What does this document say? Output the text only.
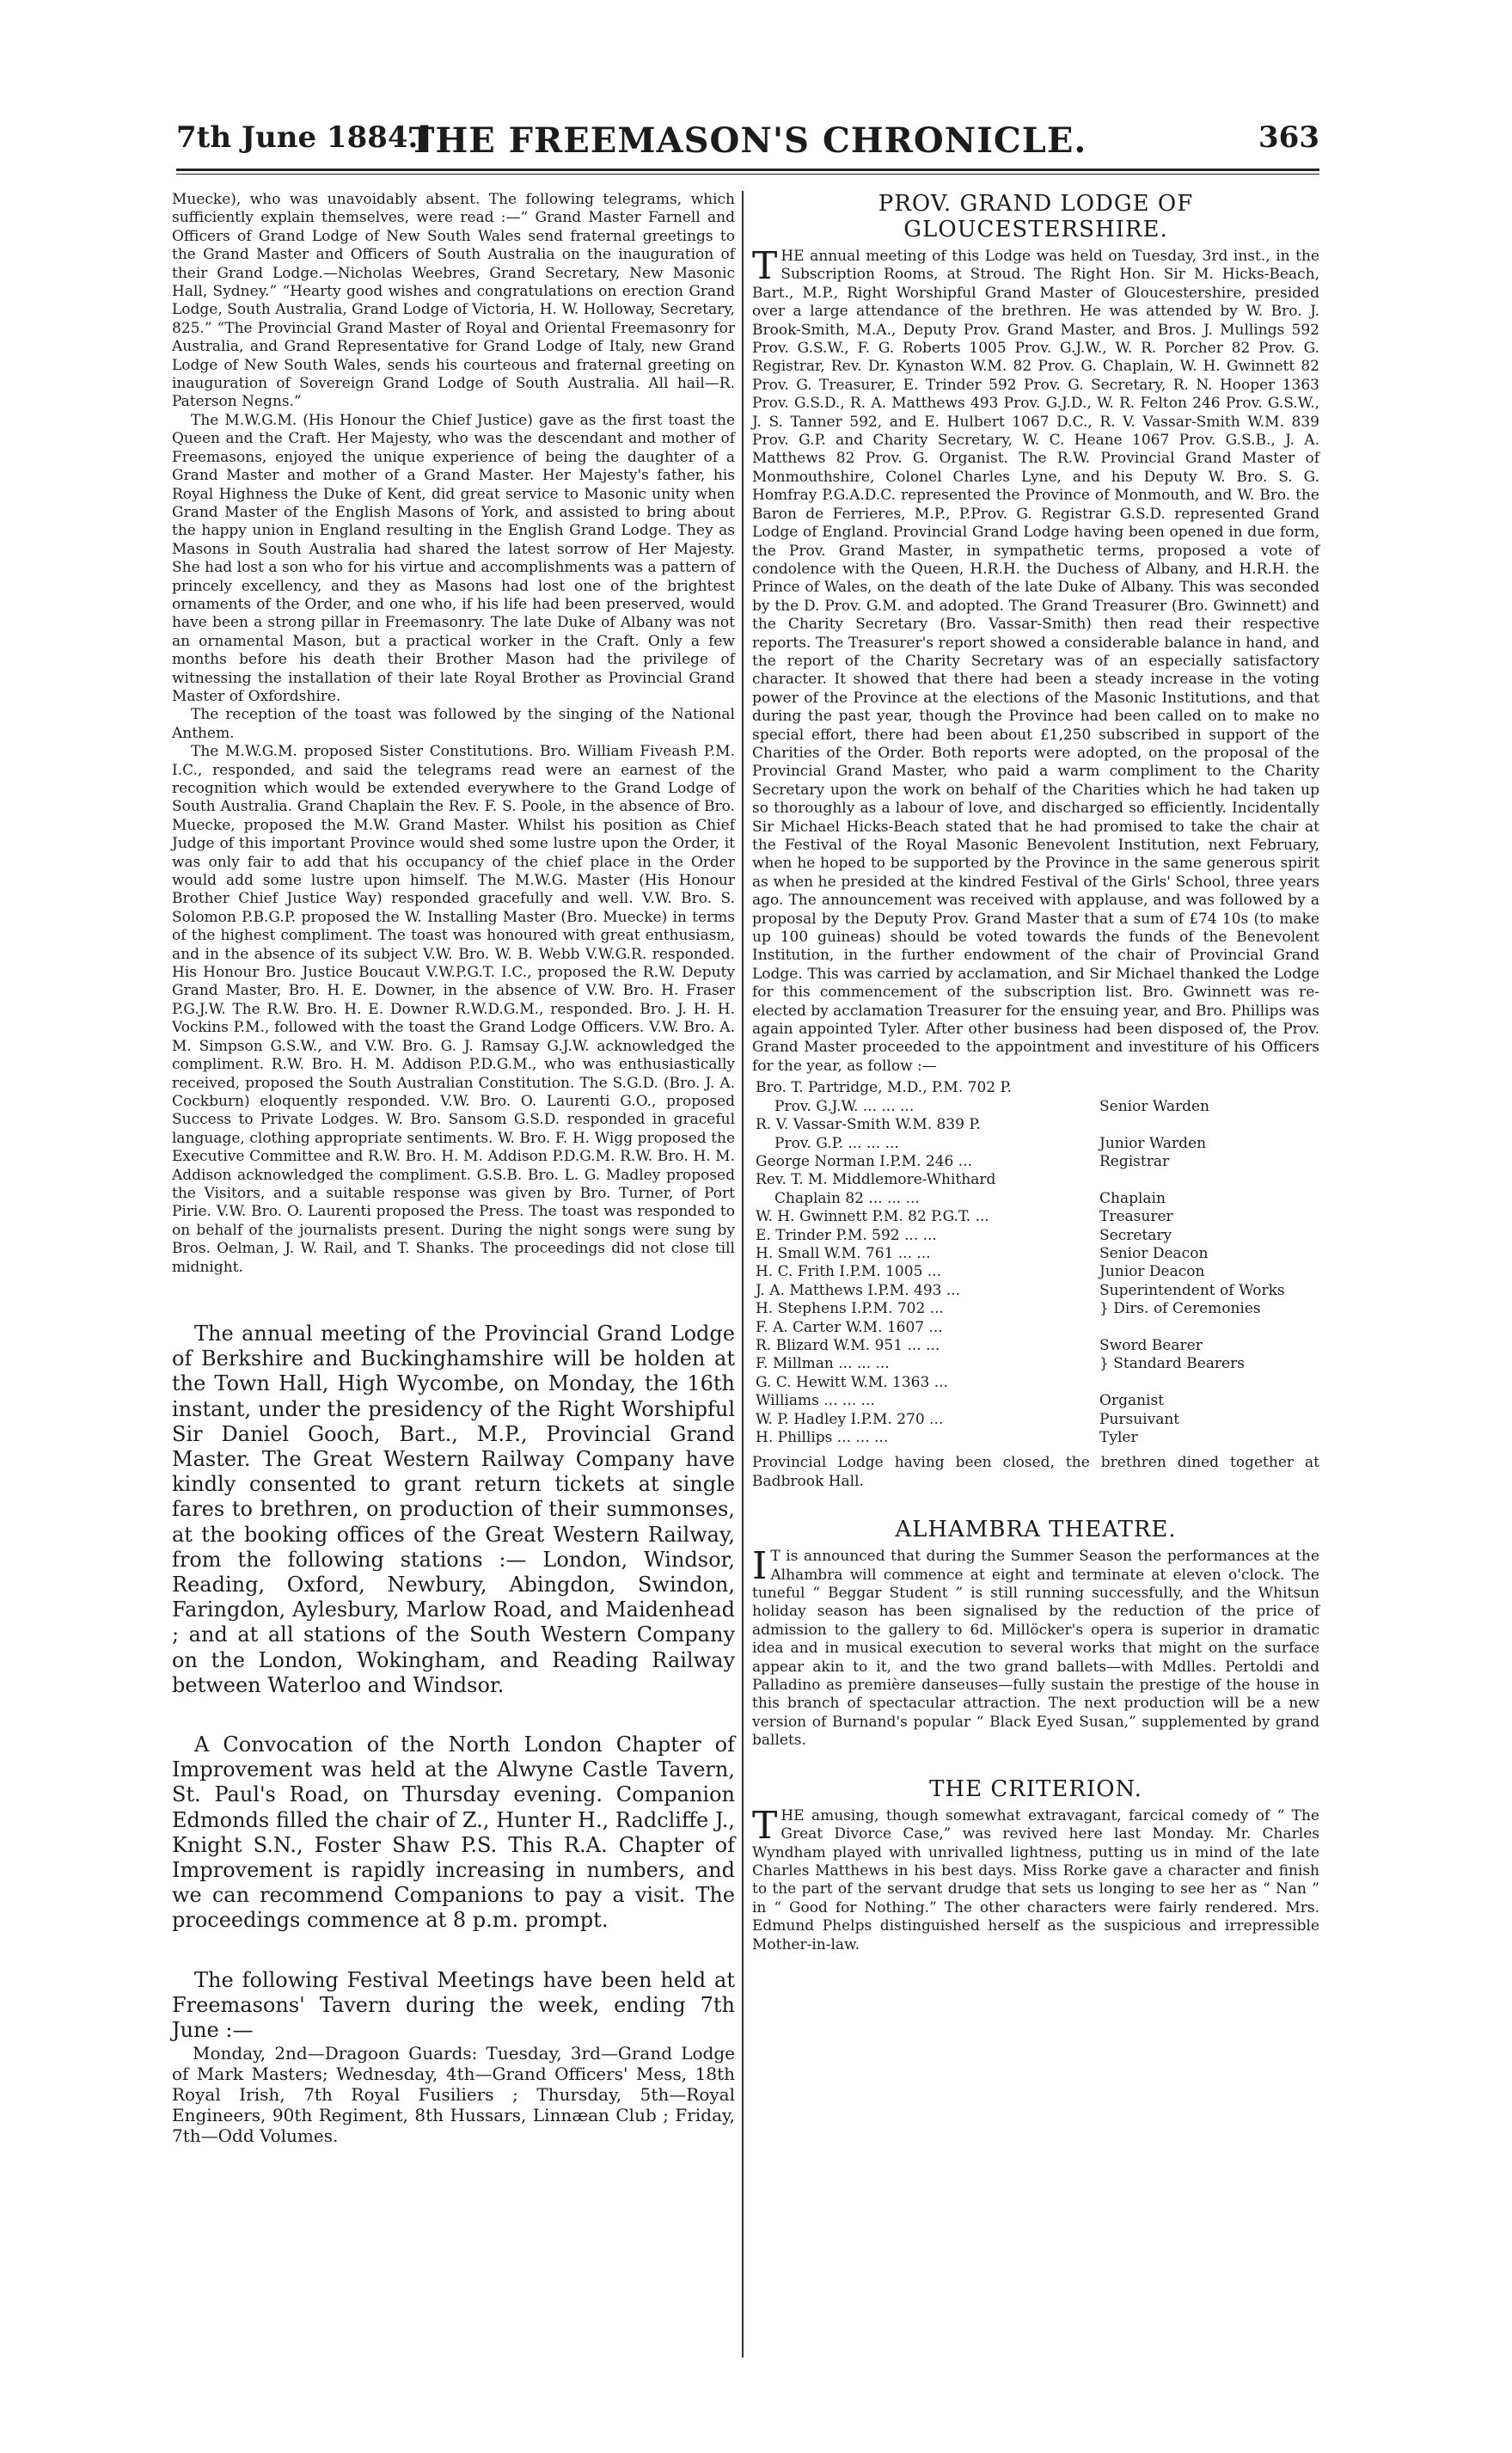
7th June 1884.]
THE FREEMASON'S CHRONICLE.	363

Muecke), who was unavoidably absent. The following telegrams, which sufficiently explain themselves, were read :—“ Grand Master Farnell and Officers of Grand Lodge of New South Wales send fraternal greetings to the Grand Master and Officers of South Australia on the inauguration of their Grand Lodge.—Nicholas Weebres, Grand Secretary, New Masonic Hall, Sydney.” “Hearty good wishes and congratulations on erection Grand Lodge, South Australia, Grand Lodge of Victoria, H. W. Holloway, Secretary, 825.” “The Provincial Grand Master of Royal and Oriental Freemasonry for Australia, and Grand Representative for Grand Lodge of Italy, new Grand Lodge of New South Wales, sends his courteous and fraternal greeting on inauguration of Sovereign Grand Lodge of South Australia. All hail—R. Paterson Negns.”

The M.W.G.M. (His Honour the Chief Justice) gave as the first toast the Queen and the Craft. Her Majesty, who was the descendant and mother of Freemasons, enjoyed the unique experience of being the daughter of a Grand Master and mother of a Grand Master. Her Majesty's father, his Royal Highness the Duke of Kent, did great service to Masonic unity when Grand Master of the English Masons of York, and assisted to bring about the happy union in England resulting in the English Grand Lodge. They as Masons in South Australia had shared the latest sorrow of Her Majesty. She had lost a son who for his virtue and accomplishments was a pattern of princely excellency, and they as Masons had lost one of the brightest ornaments of the Order, and one who, if his life had been preserved, would have been a strong pillar in Freemasonry. The late Duke of Albany was not an ornamental Mason, but a practical worker in the Craft. Only a few months before his death their Brother Mason had the privilege of witnessing the installation of their late Royal Brother as Provincial Grand Master of Oxfordshire.

The reception of the toast was followed by the singing of the National Anthem.

The M.W.G.M. proposed Sister Constitutions. Bro. William Fiveash P.M. I.C., responded, and said the telegrams read were an earnest of the recognition which would be extended everywhere to the Grand Lodge of South Australia. Grand Chaplain the Rev. F. S. Poole, in the absence of Bro. Muecke, proposed the M.W. Grand Master. Whilst his position as Chief Judge of this important Province would shed some lustre upon the Order, it was only fair to add that his occupancy of the chief place in the Order would add some lustre upon himself. The M.W.G. Master (His Honour Brother Chief Justice Way) responded gracefully and well. V.W. Bro. S. Solomon P.B.G.P. proposed the W. Installing Master (Bro. Muecke) in terms of the highest compliment. The toast was honoured with great enthusiasm, and in the absence of its subject V.W. Bro. W. B. Webb V.W.G.R. responded. His Honour Bro. Justice Boucaut V.W.P.G.T. I.C., proposed the R.W. Deputy Grand Master, Bro. H. E. Downer, in the absence of V.W. Bro. H. Fraser P.G.J.W. The R.W. Bro. H. E. Downer R.W.D.G.M., responded. Bro. J. H. H. Vockins P.M., followed with the toast the Grand Lodge Officers. V.W. Bro. A. M. Simpson G.S.W., and V.W. Bro. G. J. Ramsay G.J.W. acknowledged the compliment. R.W. Bro. H. M. Addison P.D.G.M., who was enthusiastically received, proposed the South Australian Constitution. The S.G.D. (Bro. J. A. Cockburn) eloquently responded. V.W. Bro. O. Laurenti G.O., proposed Success to Private Lodges. W. Bro. Sansom G.S.D. responded in graceful language, clothing appropriate sentiments. W. Bro. F. H. Wigg proposed the Executive Committee and R.W. Bro. H. M. Addison P.D.G.M. R.W. Bro. H. M. Addison acknowledged the compliment. G.S.B. Bro. L. G. Madley proposed the Visitors, and a suitable response was given by Bro. Turner, of Port Pirie. V.W. Bro. O. Laurenti proposed the Press. The toast was responded to on behalf of the journalists present. During the night songs were sung by Bros. Oelman, J. W. Rail, and T. Shanks. The proceedings did not close till midnight.

The annual meeting of the Provincial Grand Lodge of Berkshire and Buckinghamshire will be holden at the Town Hall, High Wycombe, on Monday, the 16th instant, under the presidency of the Right Worshipful Sir Daniel Gooch, Bart., M.P., Provincial Grand Master. The Great Western Railway Company have kindly consented to grant return tickets at single fares to brethren, on production of their summonses, at the booking offices of the Great Western Railway, from the following stations :— London, Windsor, Reading, Oxford, Newbury, Abingdon, Swindon, Faringdon, Aylesbury, Marlow Road, and Maidenhead ; and at all stations of the South Western Company on the London, Wokingham, and Reading Railway between Waterloo and Windsor.

A Convocation of the North London Chapter of Improvement was held at the Alwyne Castle Tavern, St. Paul's Road, on Thursday evening. Companion Edmonds filled the chair of Z., Hunter H., Radcliffe J., Knight S.N., Foster Shaw P.S. This R.A. Chapter of Improvement is rapidly increasing in numbers, and we can recommend Companions to pay a visit. The proceedings commence at 8 p.m. prompt.

The following Festival Meetings have been held at Freemasons' Tavern during the week, ending 7th June :—

Monday, 2nd—Dragoon Guards: Tuesday, 3rd—Grand Lodge of Mark Masters; Wednesday, 4th—Grand Officers' Mess, 18th Royal Irish, 7th Royal Fusiliers ; Thursday, 5th—Royal Engineers, 90th Regiment, 8th Hussars, Linnæan Club ; Friday, 7th—Odd Volumes.

PROV. GRAND LODGE OF GLOUCESTERSHIRE.

THE annual meeting of this Lodge was held on Tuesday, 3rd inst., in the Subscription Rooms, at Stroud. The Right Hon. Sir M. Hicks-Beach, Bart., M.P., Right Worshipful Grand Master of Gloucestershire, presided over a large attendance of the brethren. He was attended by W. Bro. J. Brook-Smith, M.A., Deputy Prov. Grand Master, and Bros. J. Mullings 592 Prov. G.S.W., F. G. Roberts 1005 Prov. G.J.W., W. R. Porcher 82 Prov. G. Registrar, Rev. Dr. Kynaston W.M. 82 Prov. G. Chaplain, W. H. Gwinnett 82 Prov. G. Treasurer, E. Trinder 592 Prov. G. Secretary, R. N. Hooper 1363 Prov. G.S.D., R. A. Matthews 493 Prov. G.J.D., W. R. Felton 246 Prov. G.S.W., J. S. Tanner 592, and E. Hulbert 1067 D.C., R. V. Vassar-Smith W.M. 839 Prov. G.P. and Charity Secretary, W. C. Heane 1067 Prov. G.S.B., J. A. Matthews 82 Prov. G. Organist. The R.W. Provincial Grand Master of Monmouthshire, Colonel Charles Lyne, and his Deputy W. Bro. S. G. Homfray P.G.A.D.C. represented the Province of Monmouth, and W. Bro. the Baron de Ferrieres, M.P., P.Prov. G. Registrar G.S.D. represented Grand Lodge of England. Provincial Grand Lodge having been opened in due form, the Prov. Grand Master, in sympathetic terms, proposed a vote of condolence with the Queen, H.R.H. the Duchess of Albany, and H.R.H. the Prince of Wales, on the death of the late Duke of Albany. This was seconded by the D. Prov. G.M. and adopted. The Grand Treasurer (Bro. Gwinnett) and the Charity Secretary (Bro. Vassar-Smith) then read their respective reports. The Treasurer's report showed a considerable balance in hand, and the report of the Charity Secretary was of an especially satisfactory character. It showed that there had been a steady increase in the voting power of the Province at the elections of the Masonic Institutions, and that during the past year, though the Province had been called on to make no special effort, there had been about £1,250 subscribed in support of the Charities of the Order. Both reports were adopted, on the proposal of the Provincial Grand Master, who paid a warm compliment to the Charity Secretary upon the work on behalf of the Charities which he had taken up so thoroughly as a labour of love, and discharged so efficiently. Incidentally Sir Michael Hicks-Beach stated that he had promised to take the chair at the Festival of the Royal Masonic Benevolent Institution, next February, when he hoped to be supported by the Province in the same generous spirit as when he presided at the kindred Festival of the Girls' School, three years ago. The announcement was received with applause, and was followed by a proposal by the Deputy Prov. Grand Master that a sum of £74 10s (to make up 100 guineas) should be voted towards the funds of the Benevolent Institution, in the further endowment of the chair of Provincial Grand Lodge. This was carried by acclamation, and Sir Michael thanked the Lodge for this commencement of the subscription list. Bro. Gwinnett was re-elected by acclamation Treasurer for the ensuing year, and Bro. Phillips was again appointed Tyler. After other business had been disposed of, the Prov. Grand Master proceeded to the appointment and investiture of his Officers for the year, as follow :—

Bro. T. Partridge, M.D., P.M. 702 P.
Prov. G.J.W. ... ... ...	Senior Warden
R. V. Vassar-Smith W.M. 839 P.
Prov. G.P. ... ... ...	Junior Warden
George Norman I.P.M. 246 ...	Registrar
Rev. T. M. Middlemore-Whithard
Chaplain 82 ... ... ...	Chaplain
W. H. Gwinnett P.M. 82 P.G.T. ...	Treasurer
E. Trinder P.M. 592 ... ...	Secretary
H. Small W.M. 761 ... ...	Senior Deacon
H. C. Frith I.P.M. 1005 ...	Junior Deacon
J. A. Matthews I.P.M. 493 ...	Superintendent of Works
H. Stephens I.P.M. 702 ...	} Dirs. of Ceremonies
F. A. Carter W.M. 1607 ...
R. Blizard W.M. 951 ... ...	Sword Bearer
F. Millman ... ... ...	} Standard Bearers
G. C. Hewitt W.M. 1363 ...
Williams ... ... ...	Organist
W. P. Hadley I.P.M. 270 ...	Pursuivant
H. Phillips ... ... ...	Tyler

Provincial Lodge having been closed, the brethren dined together at Badbrook Hall.

ALHAMBRA THEATRE.

I T is announced that during the Summer Season the performances at the Alhambra will commence at eight and terminate at eleven o'clock. The tuneful “ Beggar Student ” is still running successfully, and the Whitsun holiday season has been signalised by the reduction of the price of admission to the gallery to 6d. Millöcker's opera is superior in dramatic idea and in musical execution to several works that might on the surface appear akin to it, and the two grand ballets—with Mdlles. Pertoldi and Palladino as première danseuses—fully sustain the prestige of the house in this branch of spectacular attraction. The next production will be a new version of Burnand's popular “ Black Eyed Susan,” supplemented by grand ballets.

THE CRITERION.

THE amusing, though somewhat extravagant, farcical comedy of “ The Great Divorce Case,” was revived here last Monday. Mr. Charles Wyndham played with unrivalled lightness, putting us in mind of the late Charles Matthews in his best days. Miss Rorke gave a character and finish to the part of the servant drudge that sets us longing to see her as “ Nan ” in “ Good for Nothing.” The other characters were fairly rendered. Mrs. Edmund Phelps distinguished herself as the suspicious and irrepressible Mother-in-law.
